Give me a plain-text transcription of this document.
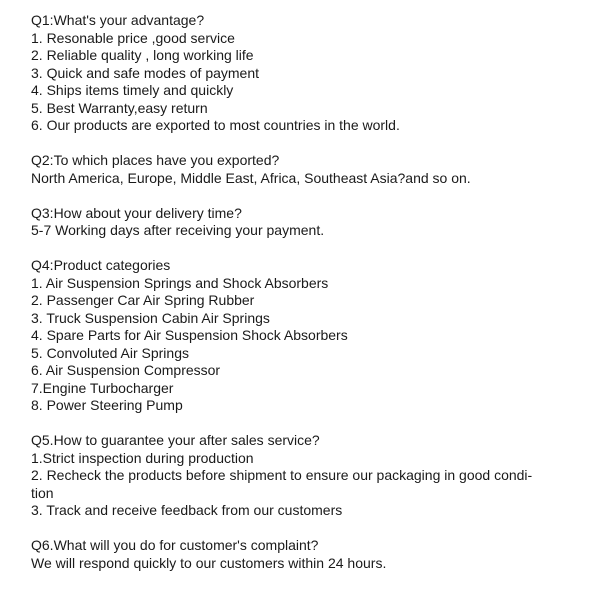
Q1:What's your advantage?
1. Resonable price ,good service
2. Reliable quality , long working life
3. Quick and safe modes of payment
4. Ships items timely and quickly
5. Best Warranty,easy return
6. Our products are exported to most countries in the world.
Q2:To which places have you exported?
North America, Europe, Middle East, Africa, Southeast Asia?and so on.
Q3:How about your delivery time?
5-7 Working days after receiving your payment.
Q4:Product categories
1. Air Suspension Springs and Shock Absorbers
2. Passenger Car Air Spring Rubber
3. Truck Suspension Cabin Air Springs
4. Spare Parts for Air Suspension Shock Absorbers
5. Convoluted Air Springs
6. Air Suspension Compressor
7.Engine Turbocharger
8. Power Steering Pump
Q5.How to guarantee your after sales service?
1.Strict inspection during production
2. Recheck the products before shipment to ensure our packaging in good condi-
tion
3. Track and receive feedback from our customers
Q6.What will you do for customer's complaint?
We will respond quickly to our customers within 24 hours.
